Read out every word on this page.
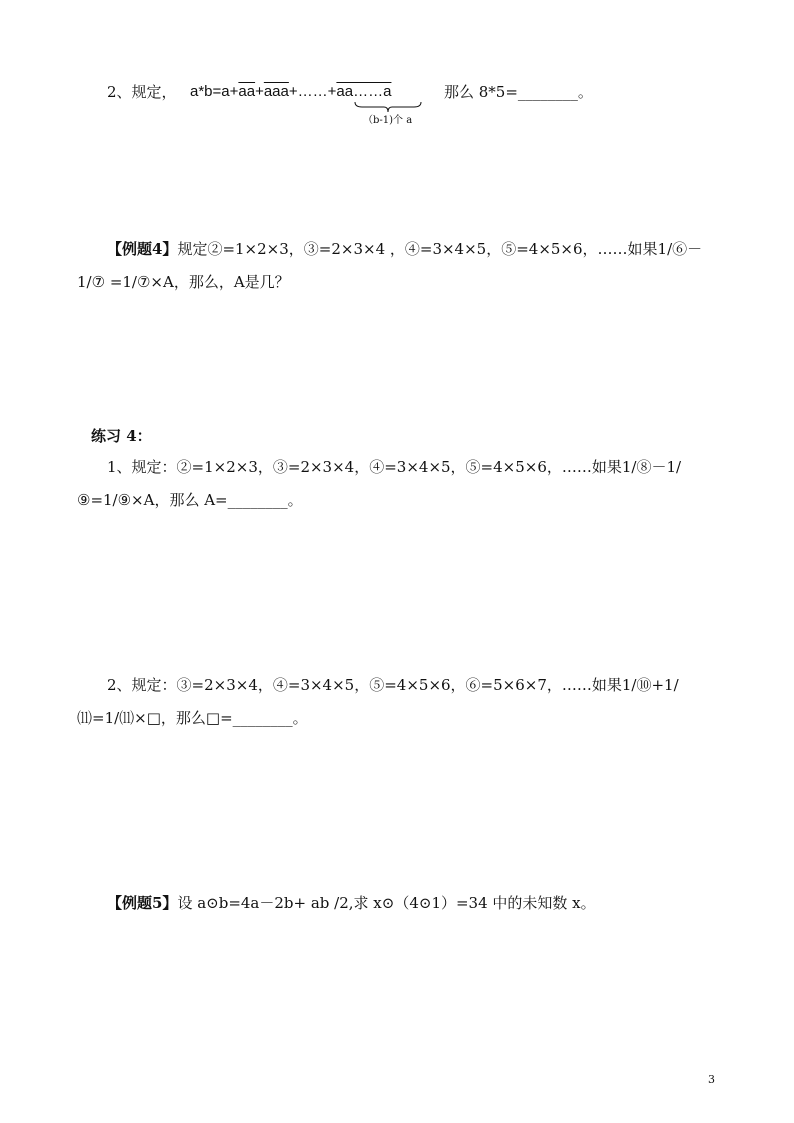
2、规定， $a*b=a+\overline{aa}+\overline{aaa}+\dots\dots+aa\dots\dots a$
（b-1)个 a
那么 8*5=________。
【例题4】规定②=1×2×3，③=2×3×4 ，④=3×4×5，⑤=4×5×6，……如果1/⑥－
1/⑦ =1/⑦×A，那么，A是几？
练习 4：
1、规定：②=1×2×3，③=2×3×4，④=3×4×5，⑤=4×5×6，……如果1/⑧－1/
⑨=1/⑨×A，那么 A=________。
2、规定：③=2×3×4，④=3×4×5，⑤=4×5×6，⑥=5×6×7，……如果1/⑩+1/
⑾=1/⑾×□，那么□=________。
【例题5】设 a⊙b=4a－2b+ ab /2,求 x⊙（4⊙1）=34 中的未知数 x。
3
